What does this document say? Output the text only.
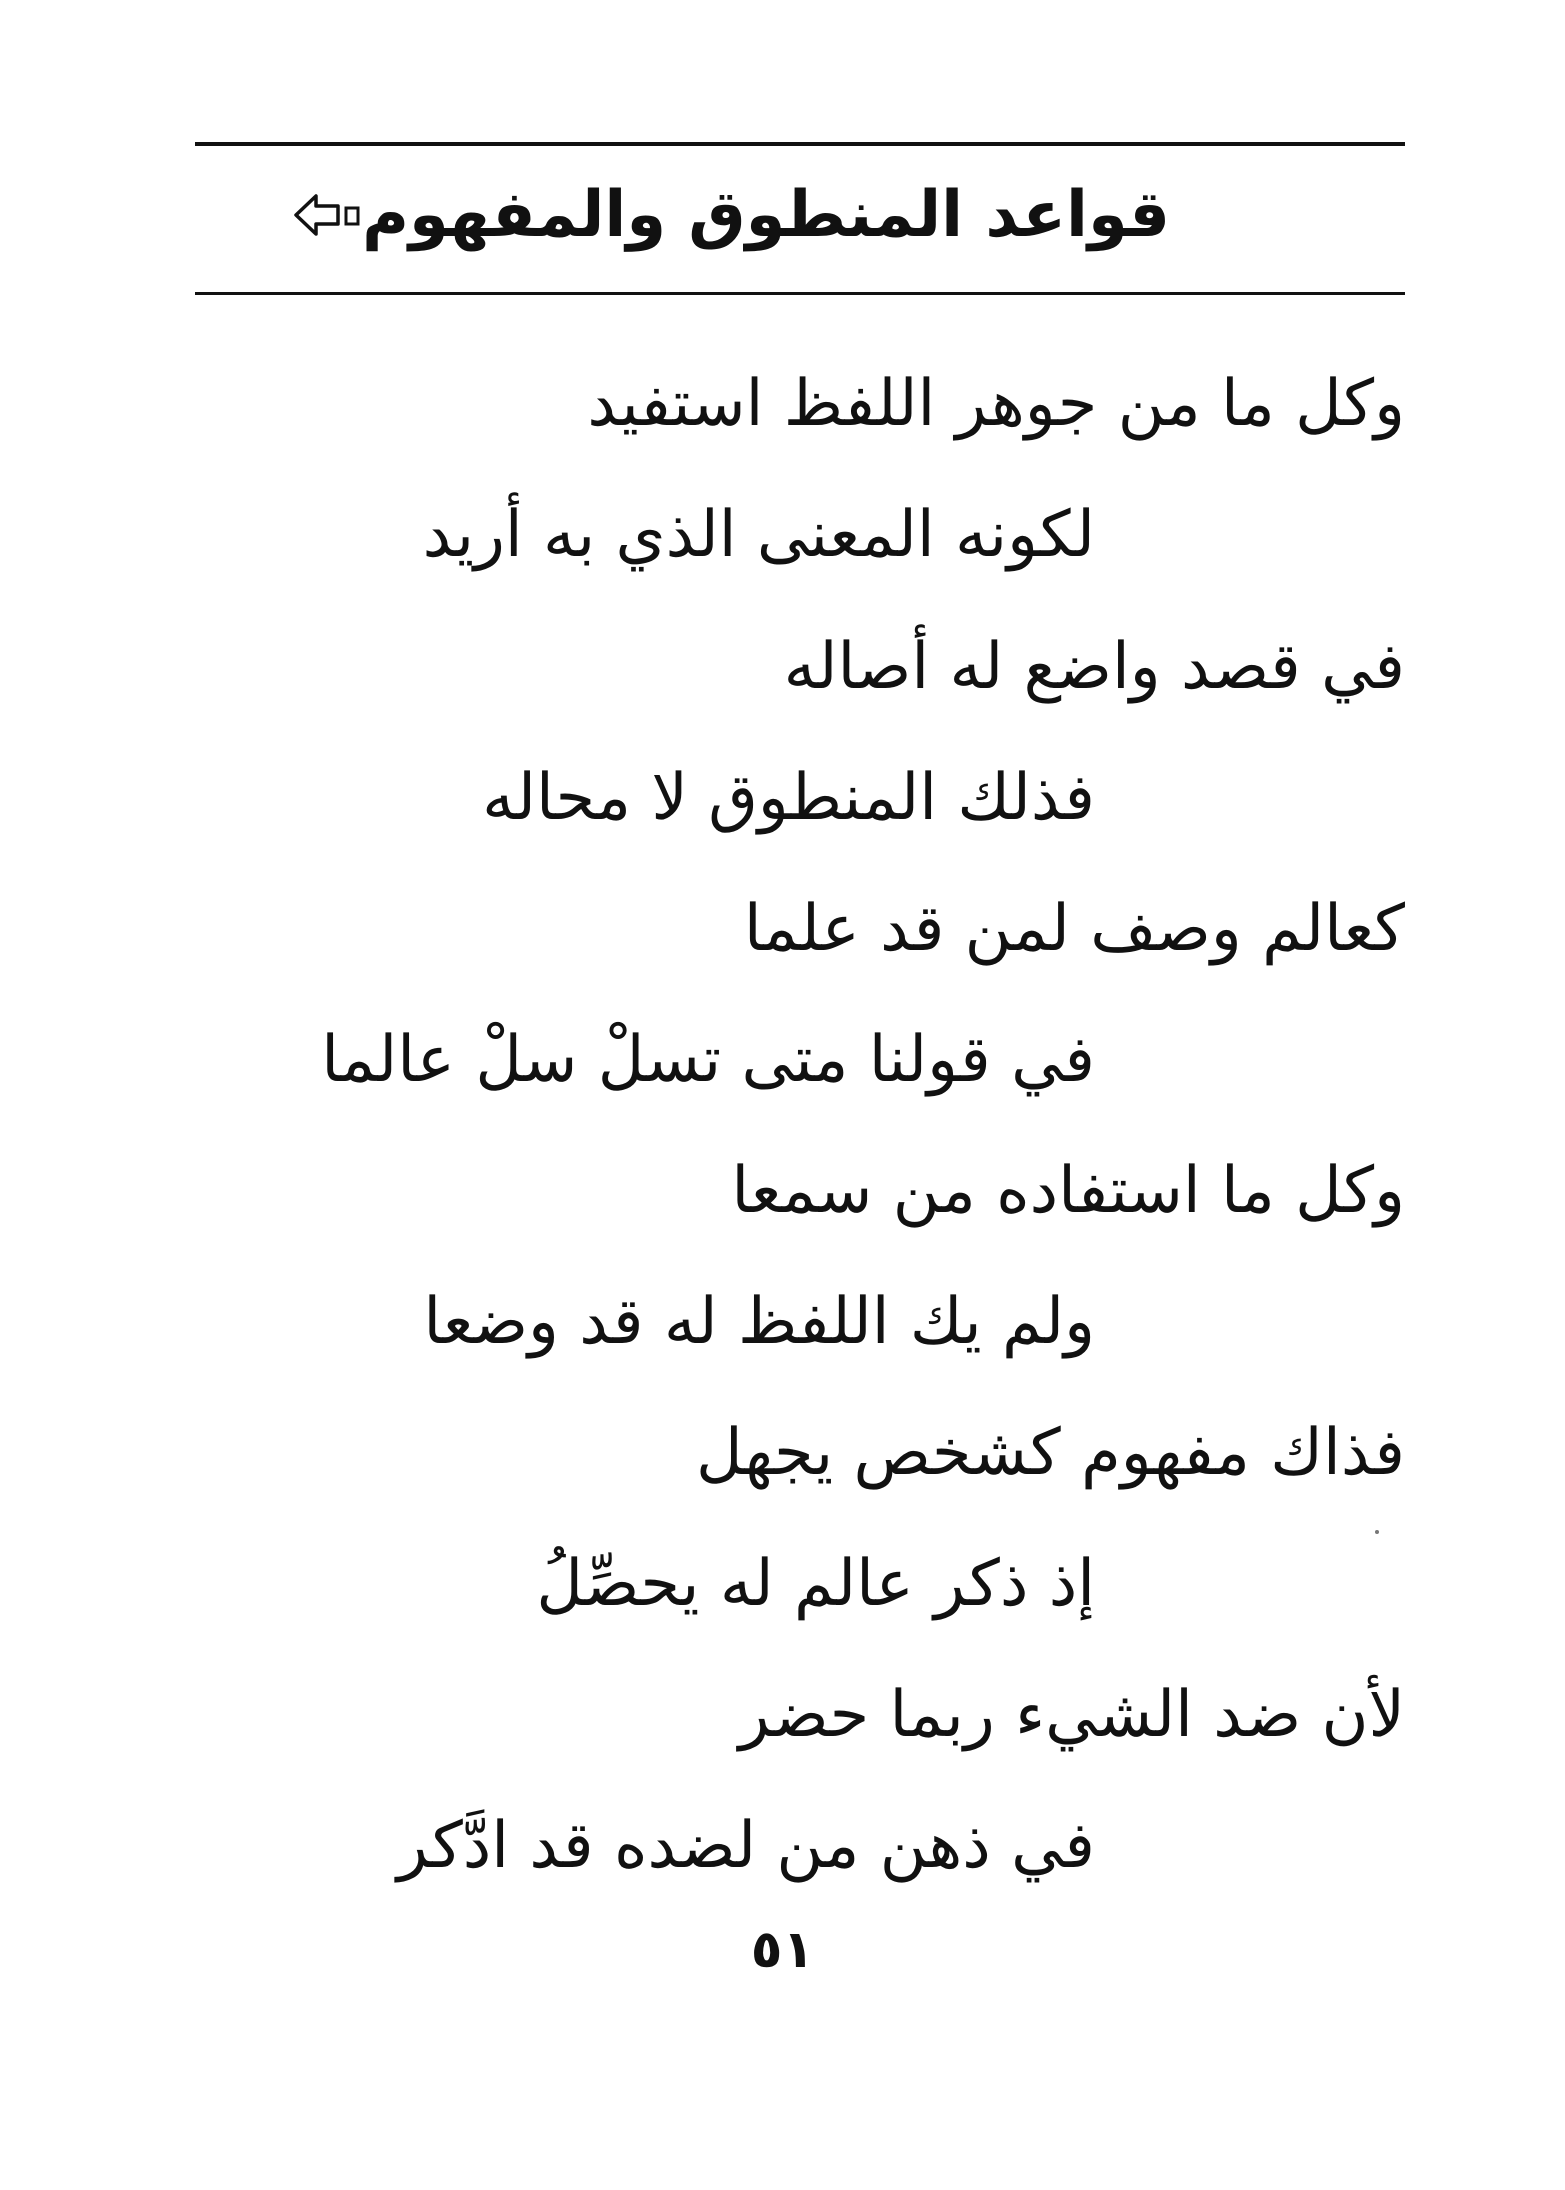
قواعد المنطوق والمفهوم
وكل ما من جوهر اللفظ استفيد
لكونه المعنى الذي به أريد
في قصد واضع له أصاله
فذلك المنطوق لا محاله
كعالم وصف لمن قد علما
في قولنا متى تسلْ سلْ عالما
وكل ما استفاده من سمعا
ولم يك اللفظ له قد وضعا
فذاك مفهوم كشخص يجهل
إذ ذكر عالم له يحصِّلُ
لأن ضد الشيء ربما حضر
في ذهن من لضده قد ادَّكر
٥١
